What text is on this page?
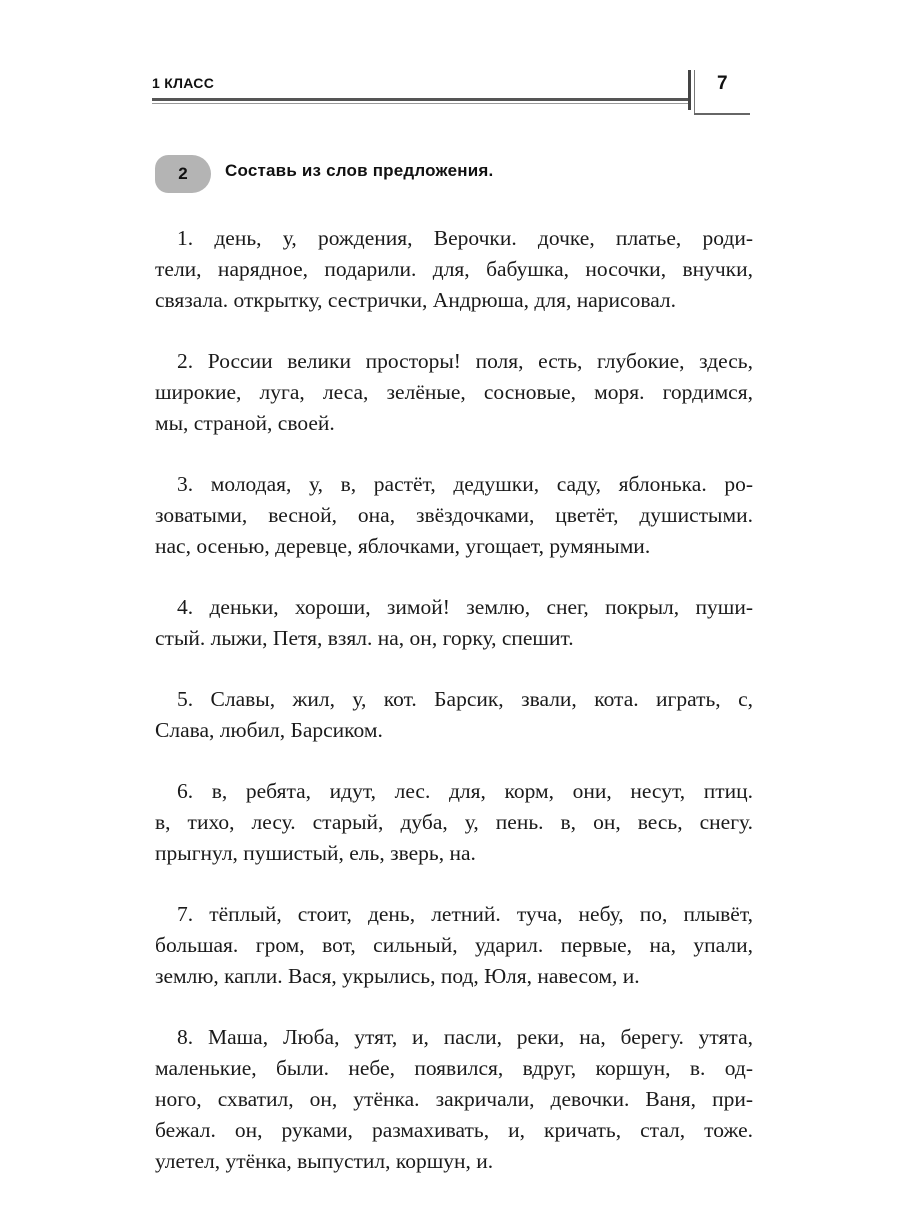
1 КЛАСС	7
2	Составь из слов предложения.
1. день, у, рождения, Верочки. дочке, платье, роди-
тели, нарядное, подарили. для, бабушка, носочки, внучки,
связала. открытку, сестрички, Андрюша, для, нарисовал.
2. России велики просторы! поля, есть, глубокие, здесь,
широкие, луга, леса, зелёные, сосновые, моря. гордимся,
мы, страной, своей.
3. молодая, у, в, растёт, дедушки, саду, яблонька. ро-
зоватыми, весной, она, звёздочками, цветёт, душистыми.
нас, осенью, деревце, яблочками, угощает, румяными.
4. деньки, хороши, зимой! землю, снег, покрыл, пуши-
стый. лыжи, Петя, взял. на, он, горку, спешит.
5. Славы, жил, у, кот. Барсик, звали, кота. играть, с,
Слава, любил, Барсиком.
6. в, ребята, идут, лес. для, корм, они, несут, птиц.
в, тихо, лесу. старый, дуба, у, пень. в, он, весь, снегу.
прыгнул, пушистый, ель, зверь, на.
7. тёплый, стоит, день, летний. туча, небу, по, плывёт,
большая. гром, вот, сильный, ударил. первые, на, упали,
землю, капли. Вася, укрылись, под, Юля, навесом, и.
8. Маша, Люба, утят, и, пасли, реки, на, берегу. утята,
маленькие, были. небе, появился, вдруг, коршун, в. од-
ного, схватил, он, утёнка. закричали, девочки. Ваня, при-
бежал. он, руками, размахивать, и, кричать, стал, тоже.
улетел, утёнка, выпустил, коршун, и.
